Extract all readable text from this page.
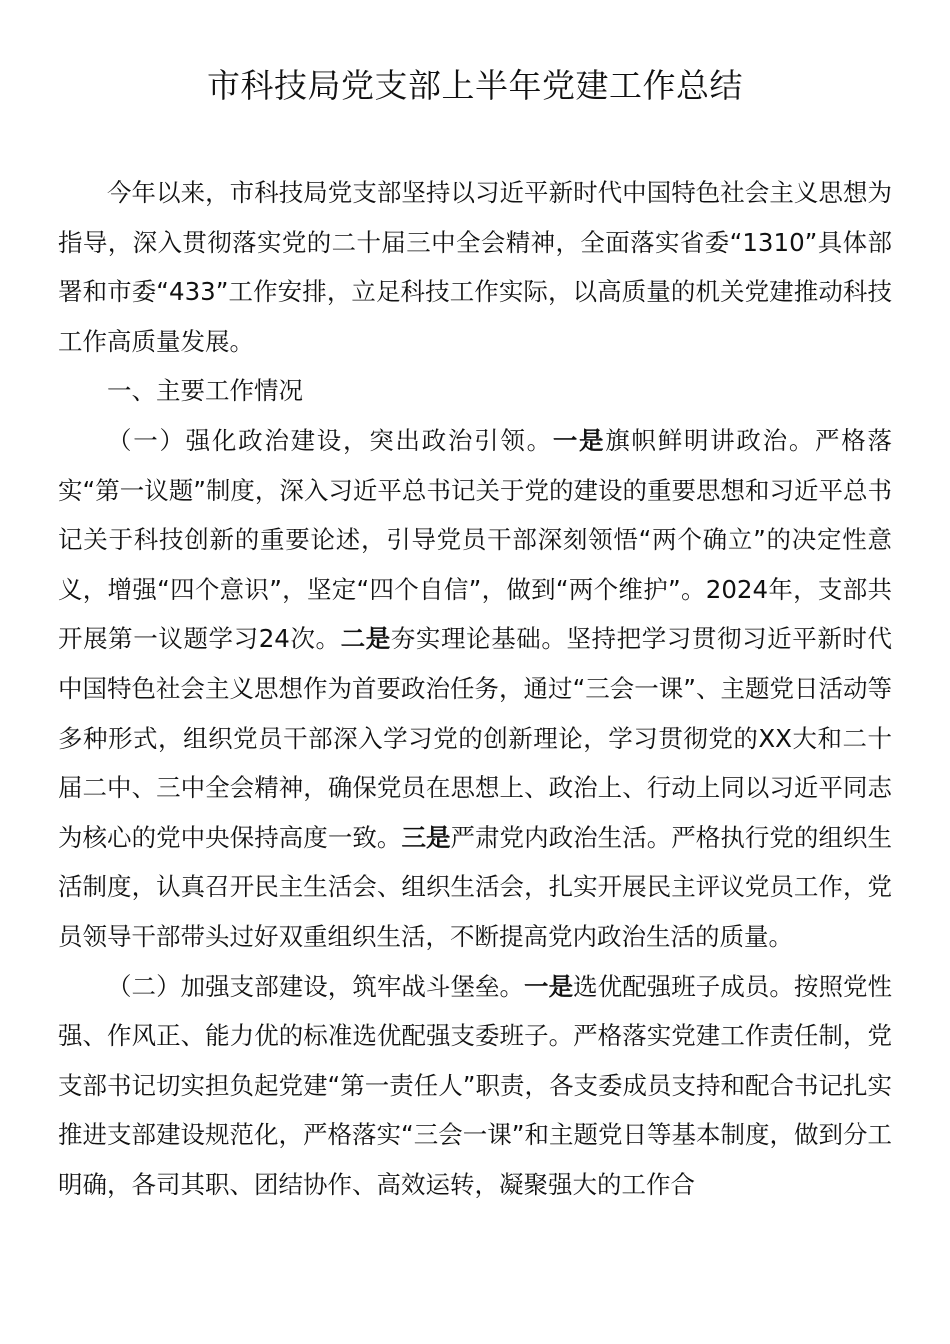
市科技局党支部上半年党建工作总结

今年以来，市科技局党支部坚持以习近平新时代中国特色社会主义思想为指导，深入贯彻落实党的二十届三中全会精神，全面落实省委“1310”具体部署和市委“433”工作安排，立足科技工作实际，以高质量的机关党建推动科技工作高质量发展。

一、主要工作情况

（一）强化政治建设，突出政治引领。一是旗帜鲜明讲政治。严格落实“第一议题”制度，深入习近平总书记关于党的建设的重要思想和习近平总书记关于科技创新的重要论述，引导党员干部深刻领悟“两个确立”的决定性意义，增强“四个意识”，坚定“四个自信”，做到“两个维护”。2024年，支部共开展第一议题学习24次。二是夯实理论基础。坚持把学习贯彻习近平新时代中国特色社会主义思想作为首要政治任务，通过“三会一课”、主题党日活动等多种形式，组织党员干部深入学习党的创新理论，学习贯彻党的XX大和二十届二中、三中全会精神，确保党员在思想上、政治上、行动上同以习近平同志为核心的党中央保持高度一致。三是严肃党内政治生活。严格执行党的组织生活制度，认真召开民主生活会、组织生活会，扎实开展民主评议党员工作，党员领导干部带头过好双重组织生活，不断提高党内政治生活的质量。

（二）加强支部建设，筑牢战斗堡垒。一是选优配强班子成员。按照党性强、作风正、能力优的标准选优配强支委班子。严格落实党建工作责任制，党支部书记切实担负起党建“第一责任人”职责，各支委成员支持和配合书记扎实推进支部建设规范化，严格落实“三会一课”和主题党日等基本制度，做到分工明确，各司其职、团结协作、高效运转，凝聚强大的工作合
